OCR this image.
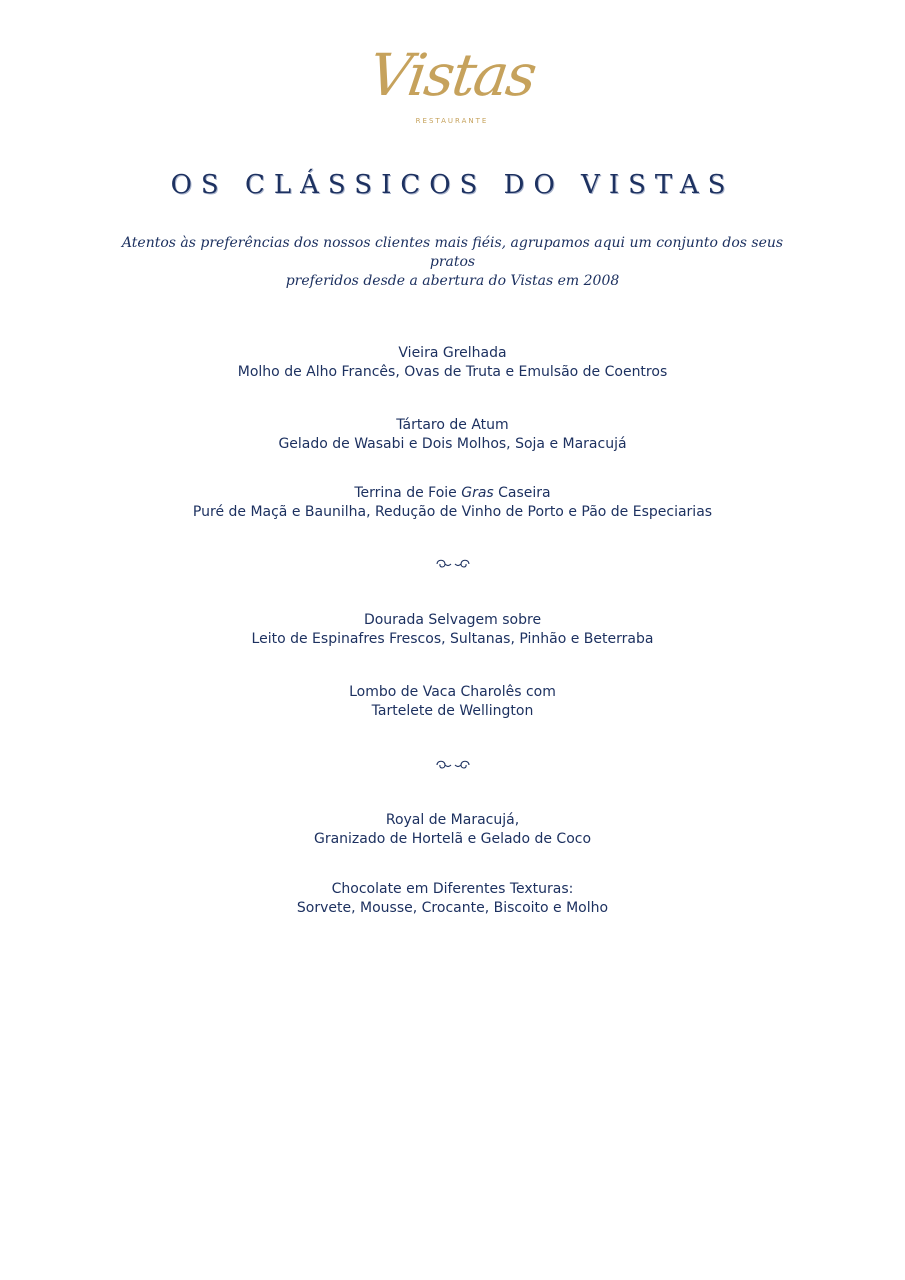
Vistas
RESTAURANTE
OS CLÁSSICOS DO VISTAS

Atentos às preferências dos nossos clientes mais fiéis, agrupamos aqui um conjunto dos seus pratos
preferidos desde a abertura do Vistas em 2008

Vieira Grelhada
Molho de Alho Francês, Ovas de Truta e Emulsão de Coentros
Tártaro de Atum
Gelado de Wasabi e Dois Molhos, Soja e Maracujá
Terrina de Foie Gras Caseira
Puré de Maçã e Baunilha, Redução de Vinho de Porto e Pão de Especiarias
Dourada Selvagem sobre
Leito de Espinafres Frescos, Sultanas, Pinhão e Beterraba
Lombo de Vaca Charolês com
Tartelete de Wellington
Royal de Maracujá,
Granizado de Hortelã e Gelado de Coco
Chocolate em Diferentes Texturas:
Sorvete, Mousse, Crocante, Biscoito e Molho
